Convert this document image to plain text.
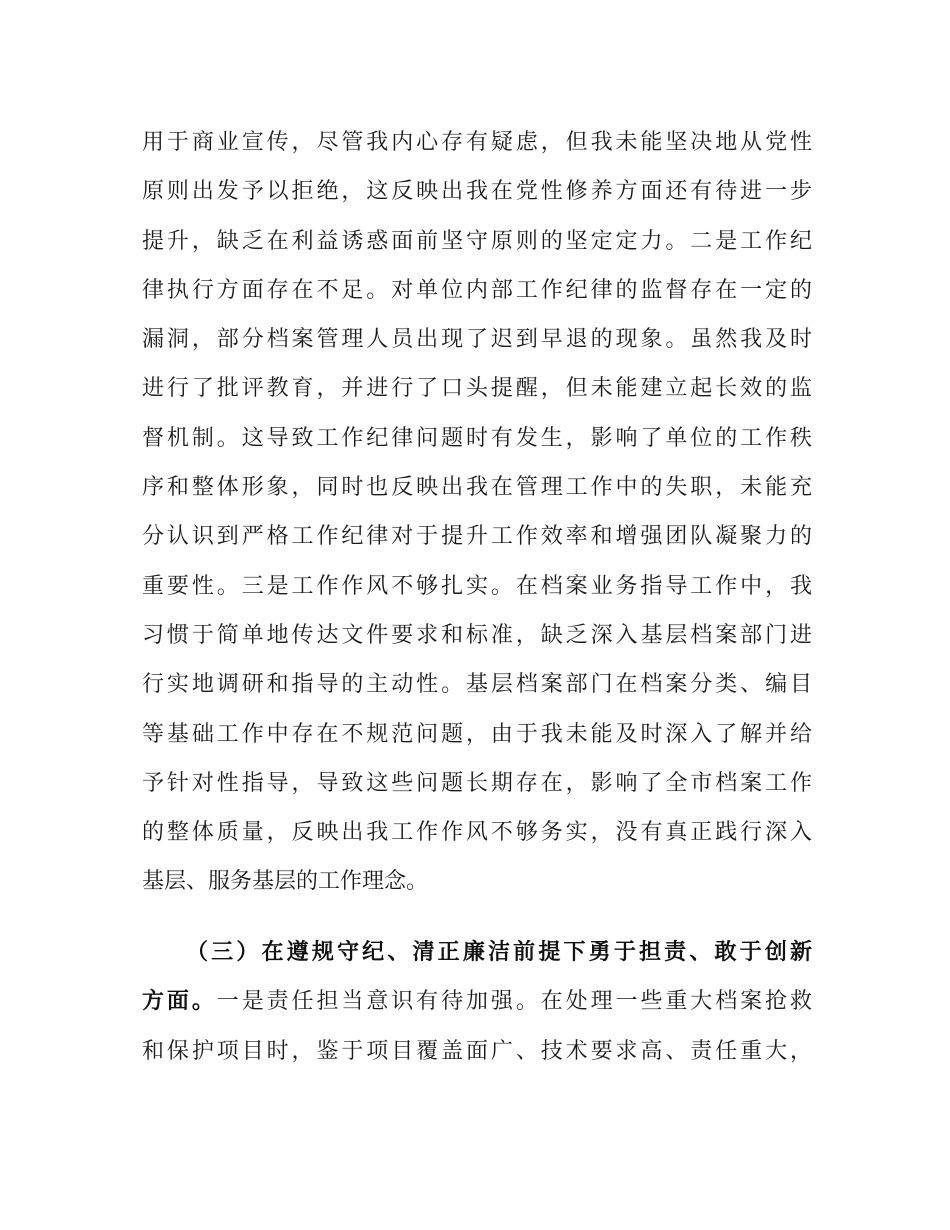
用于商业宣传，尽管我内心存有疑虑，但我未能坚决地从党性
原则出发予以拒绝，这反映出我在党性修养方面还有待进一步
提升，缺乏在利益诱惑面前坚守原则的坚定定力。二是工作纪
律执行方面存在不足。对单位内部工作纪律的监督存在一定的
漏洞，部分档案管理人员出现了迟到早退的现象。虽然我及时
进行了批评教育，并进行了口头提醒，但未能建立起长效的监
督机制。这导致工作纪律问题时有发生，影响了单位的工作秩
序和整体形象，同时也反映出我在管理工作中的失职，未能充
分认识到严格工作纪律对于提升工作效率和增强团队凝聚力的
重要性。三是工作作风不够扎实。在档案业务指导工作中，我
习惯于简单地传达文件要求和标准，缺乏深入基层档案部门进
行实地调研和指导的主动性。基层档案部门在档案分类、编目
等基础工作中存在不规范问题，由于我未能及时深入了解并给
予针对性指导，导致这些问题长期存在，影响了全市档案工作
的整体质量，反映出我工作作风不够务实，没有真正践行深入
基层、服务基层的工作理念。
（三）在遵规守纪、清正廉洁前提下勇于担责、敢于创新
方面。一是责任担当意识有待加强。在处理一些重大档案抢救
和保护项目时，鉴于项目覆盖面广、技术要求高、责任重大，
